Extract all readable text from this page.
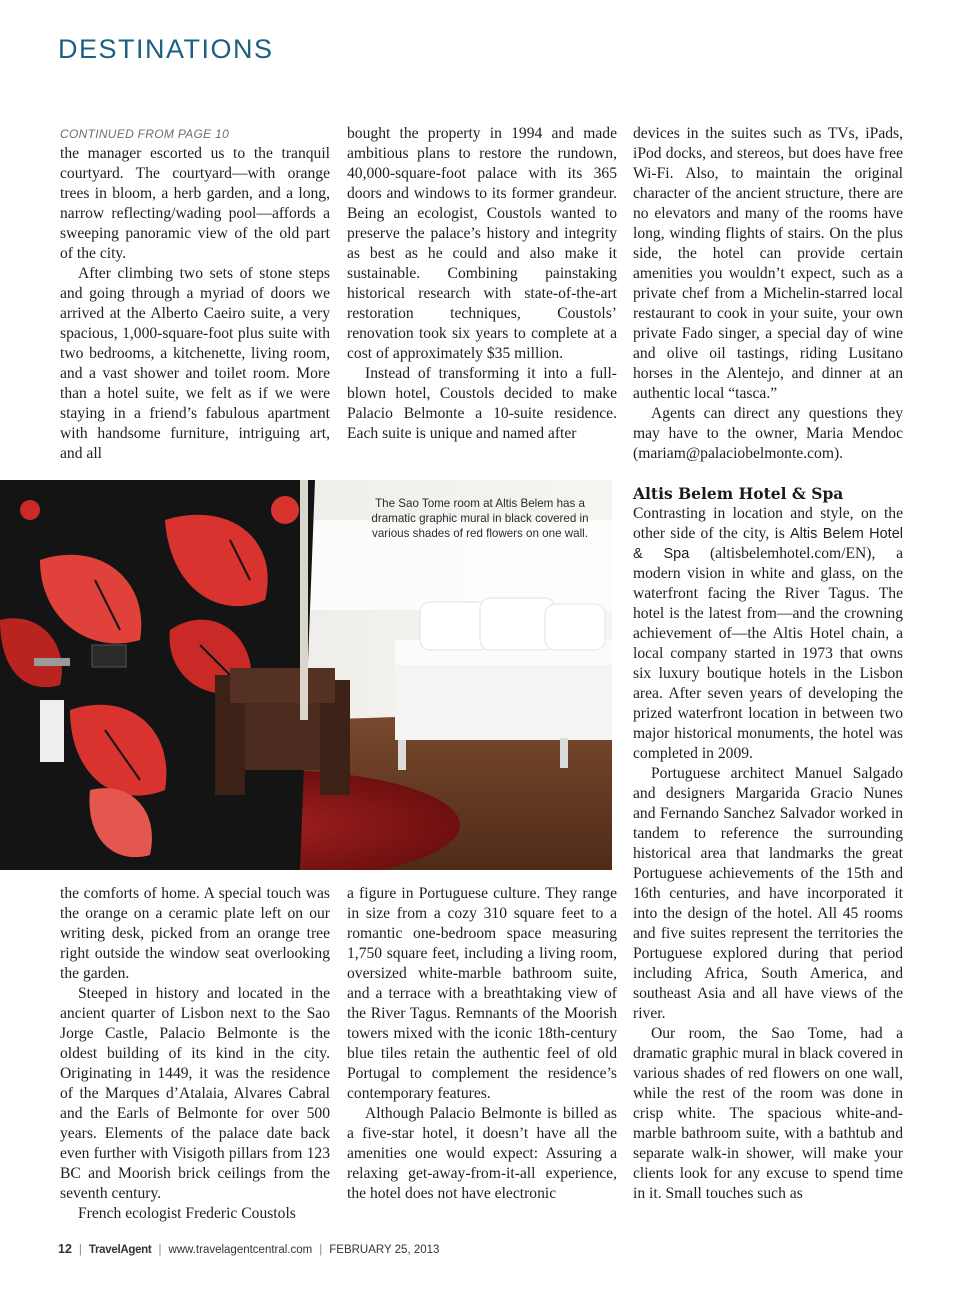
DESTINATIONS
CONTINUED FROM PAGE 10

the manager escorted us to the tranquil courtyard. The courtyard—with orange trees in bloom, a herb garden, and a long, narrow reflecting/wading pool—affords a sweeping panoramic view of the old part of the city.

After climbing two sets of stone steps and going through a myriad of doors we arrived at the Alberto Caeiro suite, a very spacious, 1,000-square-foot plus suite with two bedrooms, a kitchenette, living room, and a vast shower and toilet room. More than a hotel suite, we felt as if we were staying in a friend’s fabulous apartment with handsome furniture, intriguing art, and all

bought the property in 1994 and made ambitious plans to restore the rundown, 40,000-square-foot palace with its 365 doors and windows to its former grandeur. Being an ecologist, Coustols wanted to preserve the palace’s history and integrity as best as he could and also make it sustainable. Combining painstaking historical research with state-of-the-art restoration techniques, Coustols’ renovation took six years to complete at a cost of approximately $35 million.

Instead of transforming it into a full-blown hotel, Coustols decided to make Palacio Belmonte a 10-suite residence. Each suite is unique and named after

devices in the suites such as TVs, iPads, iPod docks, and stereos, but does have free Wi-Fi. Also, to maintain the original character of the ancient structure, there are no elevators and many of the rooms have long, winding flights of stairs. On the plus side, the hotel can provide certain amenities you wouldn’t expect, such as a private chef from a Michelin-starred local restaurant to cook in your suite, your own private Fado singer, a special day of wine and olive oil tastings, riding Lusitano horses in the Alentejo, and dinner at an authentic local “tasca.”

Agents can direct any questions they may have to the owner, Maria Mendoc (mariam@palaciobelmonte.com).

The Sao Tome room at Altis Belem has a dramatic graphic mural in black covered in various shades of red flowers on one wall.
Altis Belem Hotel & Spa

Contrasting in location and style, on the other side of the city, is Altis Belem Hotel & Spa (altisbelemhotel.com/EN), a modern vision in white and glass, on the waterfront facing the River Tagus. The hotel is the latest from—and the crowning achievement of—the Altis Hotel chain, a local company started in 1973 that owns six luxury boutique hotels in the Lisbon area. After seven years of developing the prized waterfront location in between two major historical monuments, the hotel was completed in 2009.

Portuguese architect Manuel Salgado and designers Margarida Gracio Nunes and Fernando Sanchez Salvador worked in tandem to reference the surrounding historical area that landmarks the great Portuguese achievements of the 15th and 16th centuries, and have incorporated it into the design of the hotel. All 45 rooms and five suites represent the territories the Portuguese explored during that period including Africa, South America, and southeast Asia and all have views of the river.

Our room, the Sao Tome, had a dramatic graphic mural in black covered in various shades of red flowers on one wall, while the rest of the room was done in crisp white. The spacious white-and-marble bathroom suite, with a bathtub and separate walk-in shower, will make your clients look for any excuse to spend time in it. Small touches such as

the comforts of home. A special touch was the orange on a ceramic plate left on our writing desk, picked from an orange tree right outside the window seat overlooking the garden.

Steeped in history and located in the ancient quarter of Lisbon next to the Sao Jorge Castle, Palacio Belmonte is the oldest building of its kind in the city. Originating in 1449, it was the residence of the Marques d’Atalaia, Alvares Cabral and the Earls of Belmonte for over 500 years. Elements of the palace date back even further with Visigoth pillars from 123 BC and Moorish brick ceilings from the seventh century.

French ecologist Frederic Coustols

a figure in Portuguese culture. They range in size from a cozy 310 square feet to a romantic one-bedroom space measuring 1,750 square feet, including a living room, oversized white-marble bathroom suite, and a terrace with a breathtaking view of the River Tagus. Remnants of the Moorish towers mixed with the iconic 18th-century blue tiles retain the authentic feel of old Portugal to complement the residence’s contemporary features.

Although Palacio Belmonte is billed as a five-star hotel, it doesn’t have all the amenities one would expect: Assuring a relaxing get-away-from-it-all experience, the hotel does not have electronic

12 | TravelAgent | www.travelagentcentral.com | FEBRUARY 25, 2013
